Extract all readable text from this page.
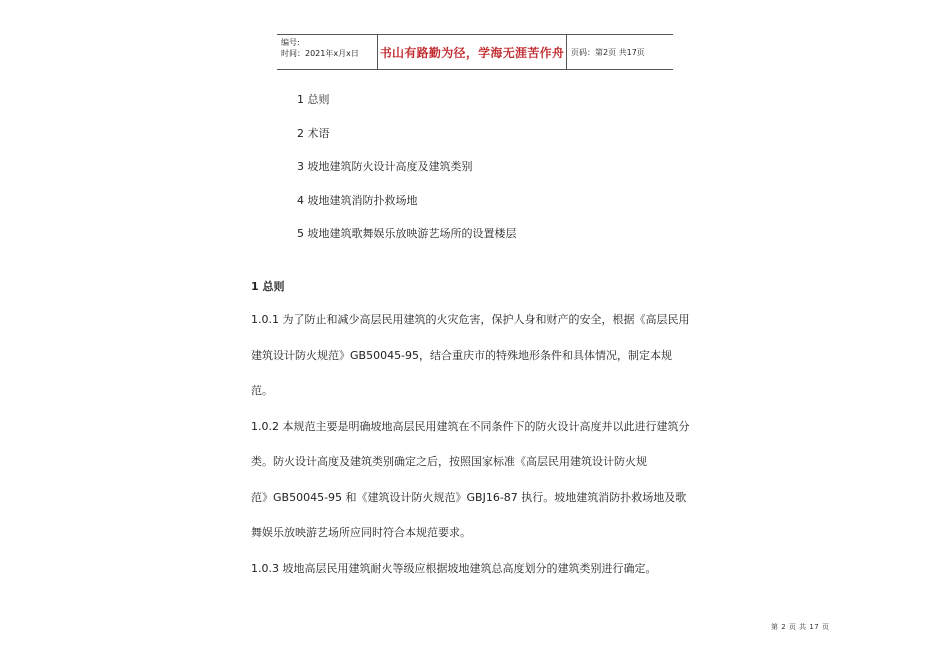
编号:
时间：2021年x月x日	书山有路勤为径，学海无涯苦作舟 页码：第2页 共17页
1 总则
2 术语
3 坡地建筑防火设计高度及建筑类别
4 坡地建筑消防扑救场地
5 坡地建筑歌舞娱乐放映游艺场所的设置楼层
1 总则
1.0.1 为了防止和减少高层民用建筑的火灾危害，保护人身和财产的安全，根据《高层民用
建筑设计防火规范》GB50045-95，结合重庆市的特殊地形条件和具体情况，制定本规
范。
1.0.2 本规范主要是明确坡地高层民用建筑在不同条件下的防火设计高度并以此进行建筑分
类。防火设计高度及建筑类别确定之后，按照国家标准《高层民用建筑设计防火规
范》GB50045-95 和《建筑设计防火规范》GBJ16-87 执行。坡地建筑消防扑救场地及歌
舞娱乐放映游艺场所应同时符合本规范要求。
1.0.3 坡地高层民用建筑耐火等级应根据坡地建筑总高度划分的建筑类别进行确定。
第 2 页 共 17 页
